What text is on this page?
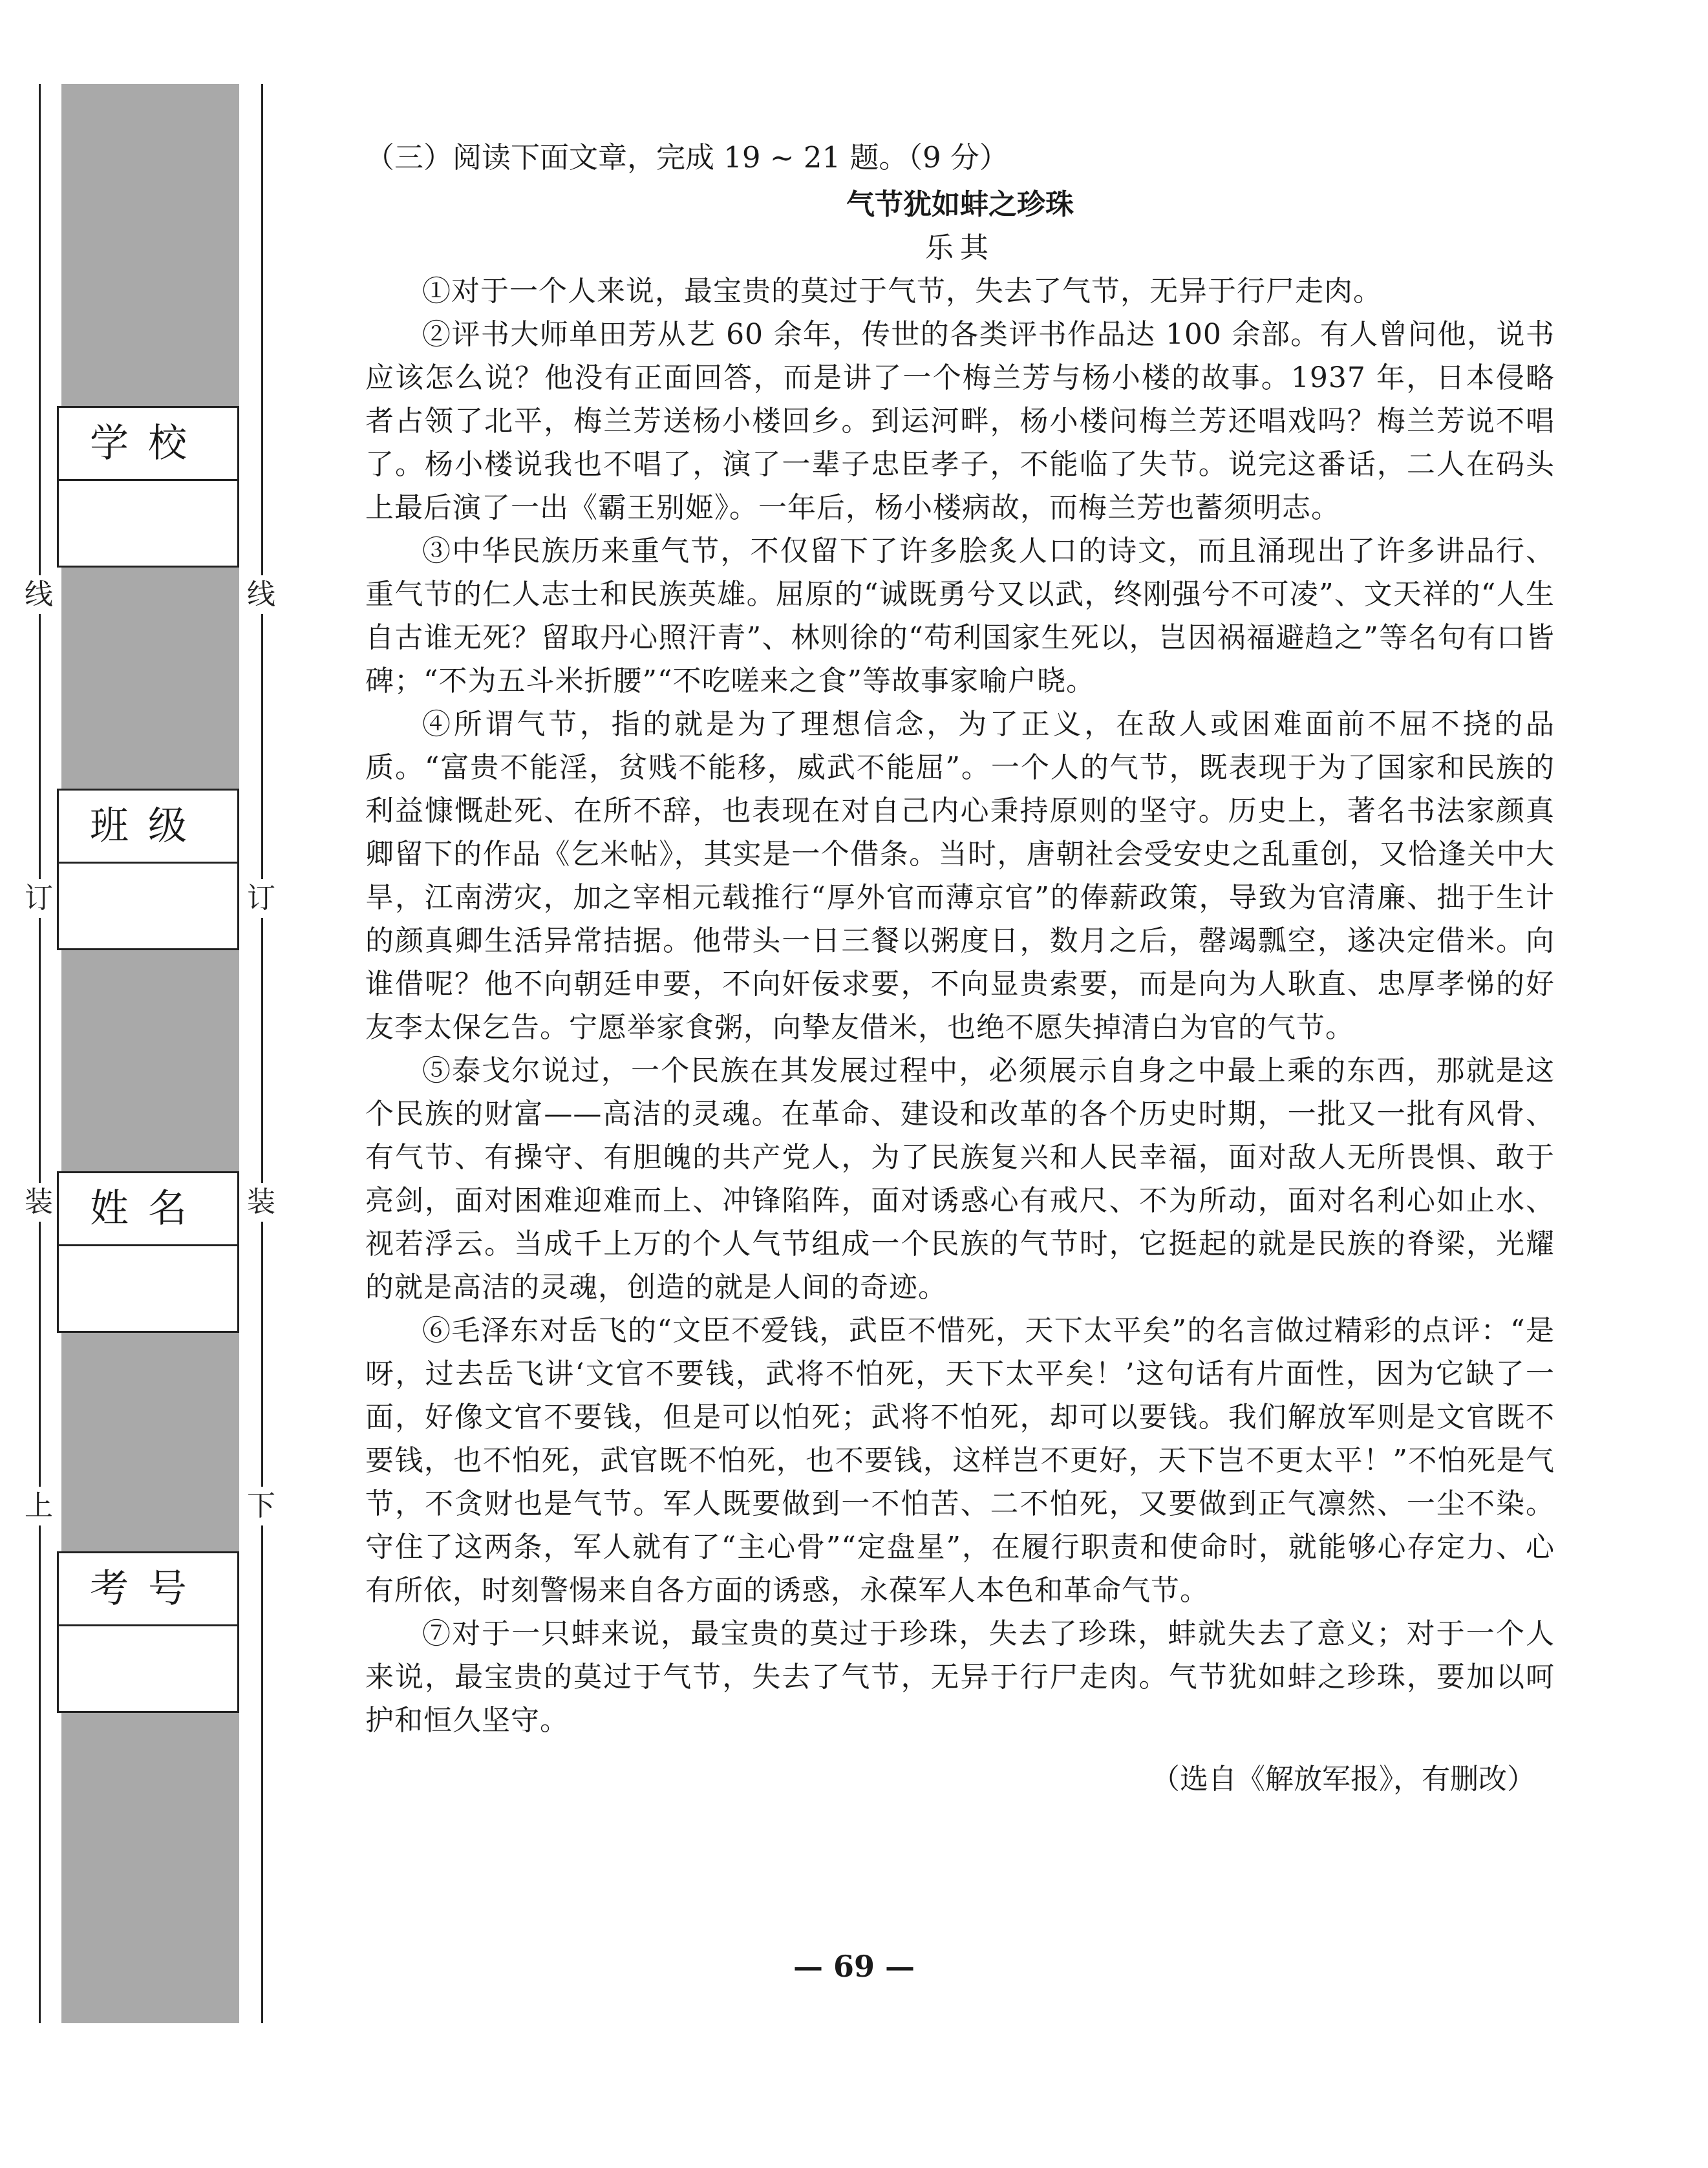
线
订
装
上
线
订
装
下
学校
班级
姓名
考号
（三）阅读下面文章，完成 19 ~ 21 题。（9 分）
气节犹如蚌之珍珠
乐其

①对于一个人来说，最宝贵的莫过于气节，失去了气节，无异于行尸走肉。

②评书大师单田芳从艺 60 余年，传世的各类评书作品达 100 余部。有人曾问他，说书应该怎么说？他没有正面回答，而是讲了一个梅兰芳与杨小楼的故事。1937 年，日本侵略者占领了北平，梅兰芳送杨小楼回乡。到运河畔，杨小楼问梅兰芳还唱戏吗？梅兰芳说不唱了。杨小楼说我也不唱了，演了一辈子忠臣孝子，不能临了失节。说完这番话，二人在码头上最后演了一出《霸王别姬》。一年后，杨小楼病故，而梅兰芳也蓄须明志。

③中华民族历来重气节，不仅留下了许多脍炙人口的诗文，而且涌现出了许多讲品行、重气节的仁人志士和民族英雄。屈原的“诚既勇兮又以武，终刚强兮不可凌”、文天祥的“人生自古谁无死？留取丹心照汗青”、林则徐的“苟利国家生死以，岂因祸福避趋之”等名句有口皆碑；“不为五斗米折腰”“不吃嗟来之食”等故事家喻户晓。

④所谓气节，指的就是为了理想信念，为了正义，在敌人或困难面前不屈不挠的品质。“富贵不能淫，贫贱不能移，威武不能屈”。一个人的气节，既表现于为了国家和民族的利益慷慨赴死、在所不辞，也表现在对自己内心秉持原则的坚守。历史上，著名书法家颜真卿留下的作品《乞米帖》，其实是一个借条。当时，唐朝社会受安史之乱重创，又恰逢关中大旱，江南涝灾，加之宰相元载推行“厚外官而薄京官”的俸薪政策，导致为官清廉、拙于生计的颜真卿生活异常拮据。他带头一日三餐以粥度日，数月之后，罄竭瓢空，遂决定借米。向谁借呢？他不向朝廷申要，不向奸佞求要，不向显贵索要，而是向为人耿直、忠厚孝悌的好友李太保乞告。宁愿举家食粥，向挚友借米，也绝不愿失掉清白为官的气节。

⑤泰戈尔说过，一个民族在其发展过程中，必须展示自身之中最上乘的东西，那就是这个民族的财富——高洁的灵魂。在革命、建设和改革的各个历史时期，一批又一批有风骨、有气节、有操守、有胆魄的共产党人，为了民族复兴和人民幸福，面对敌人无所畏惧、敢于亮剑，面对困难迎难而上、冲锋陷阵，面对诱惑心有戒尺、不为所动，面对名利心如止水、视若浮云。当成千上万的个人气节组成一个民族的气节时，它挺起的就是民族的脊梁，光耀的就是高洁的灵魂，创造的就是人间的奇迹。

⑥毛泽东对岳飞的“文臣不爱钱，武臣不惜死，天下太平矣”的名言做过精彩的点评：“是呀，过去岳飞讲‘文官不要钱，武将不怕死，天下太平矣！’这句话有片面性，因为它缺了一面，好像文官不要钱，但是可以怕死；武将不怕死，却可以要钱。我们解放军则是文官既不要钱，也不怕死，武官既不怕死，也不要钱，这样岂不更好，天下岂不更太平！”不怕死是气节，不贪财也是气节。军人既要做到一不怕苦、二不怕死，又要做到正气凛然、一尘不染。守住了这两条，军人就有了“主心骨”“定盘星”，在履行职责和使命时，就能够心存定力、心有所依，时刻警惕来自各方面的诱惑，永葆军人本色和革命气节。

⑦对于一只蚌来说，最宝贵的莫过于珍珠，失去了珍珠，蚌就失去了意义；对于一个人来说，最宝贵的莫过于气节，失去了气节，无异于行尸走肉。气节犹如蚌之珍珠，要加以呵护和恒久坚守。

（选自《解放军报》，有删改）
— 69 —
